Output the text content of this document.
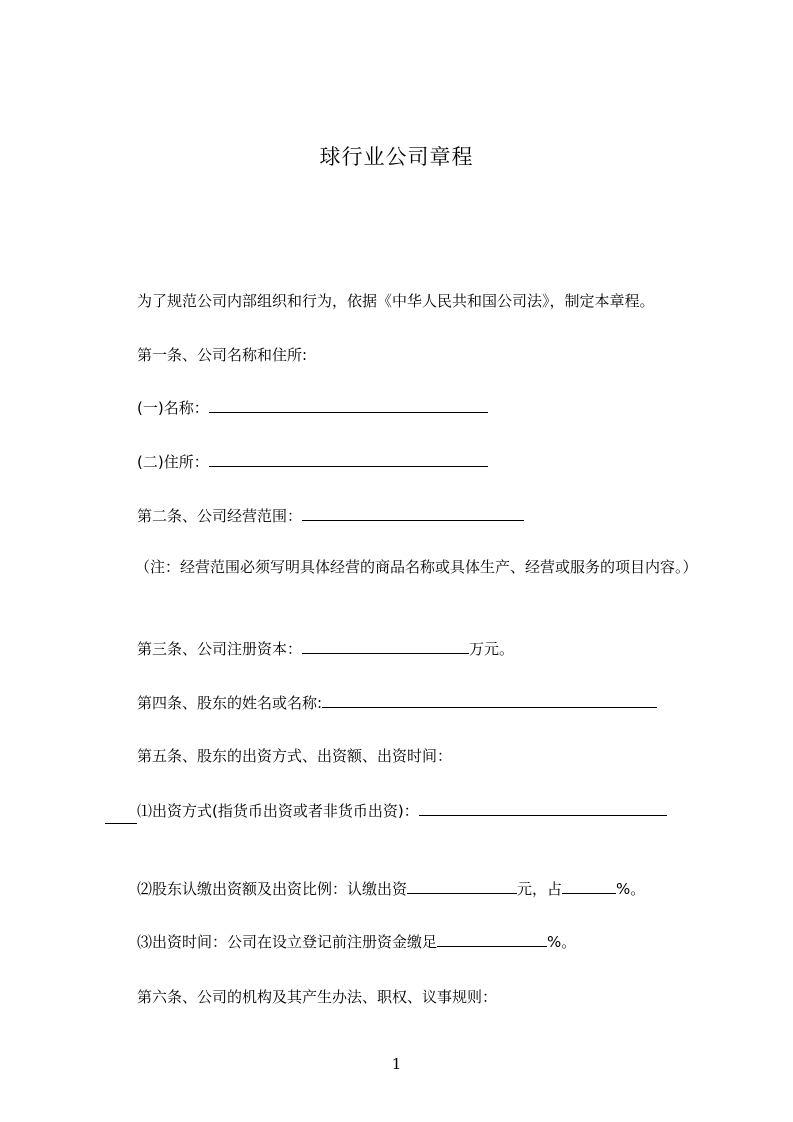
球行业公司章程
为了规范公司内部组织和行为，依据《中华人民共和国公司法》，制定本章程。
第一条、公司名称和住所:
(一)名称：
(二)住所：
第二条、公司经营范围：
（注：经营范围必须写明具体经营的商品名称或具体生产、经营或服务的项目内容。）
第三条、公司注册资本：	万元。
第四条、股东的姓名或名称:
第五条、股东的出资方式、出资额、出资时间：
⑴出资方式(指货币出资或者非货币出资)：
⑵股东认缴出资额及出资比例：认缴出资	元，占	%。
⑶出资时间：公司在设立登记前注册资金缴足	%。
第六条、公司的机构及其产生办法、职权、议事规则：
1
